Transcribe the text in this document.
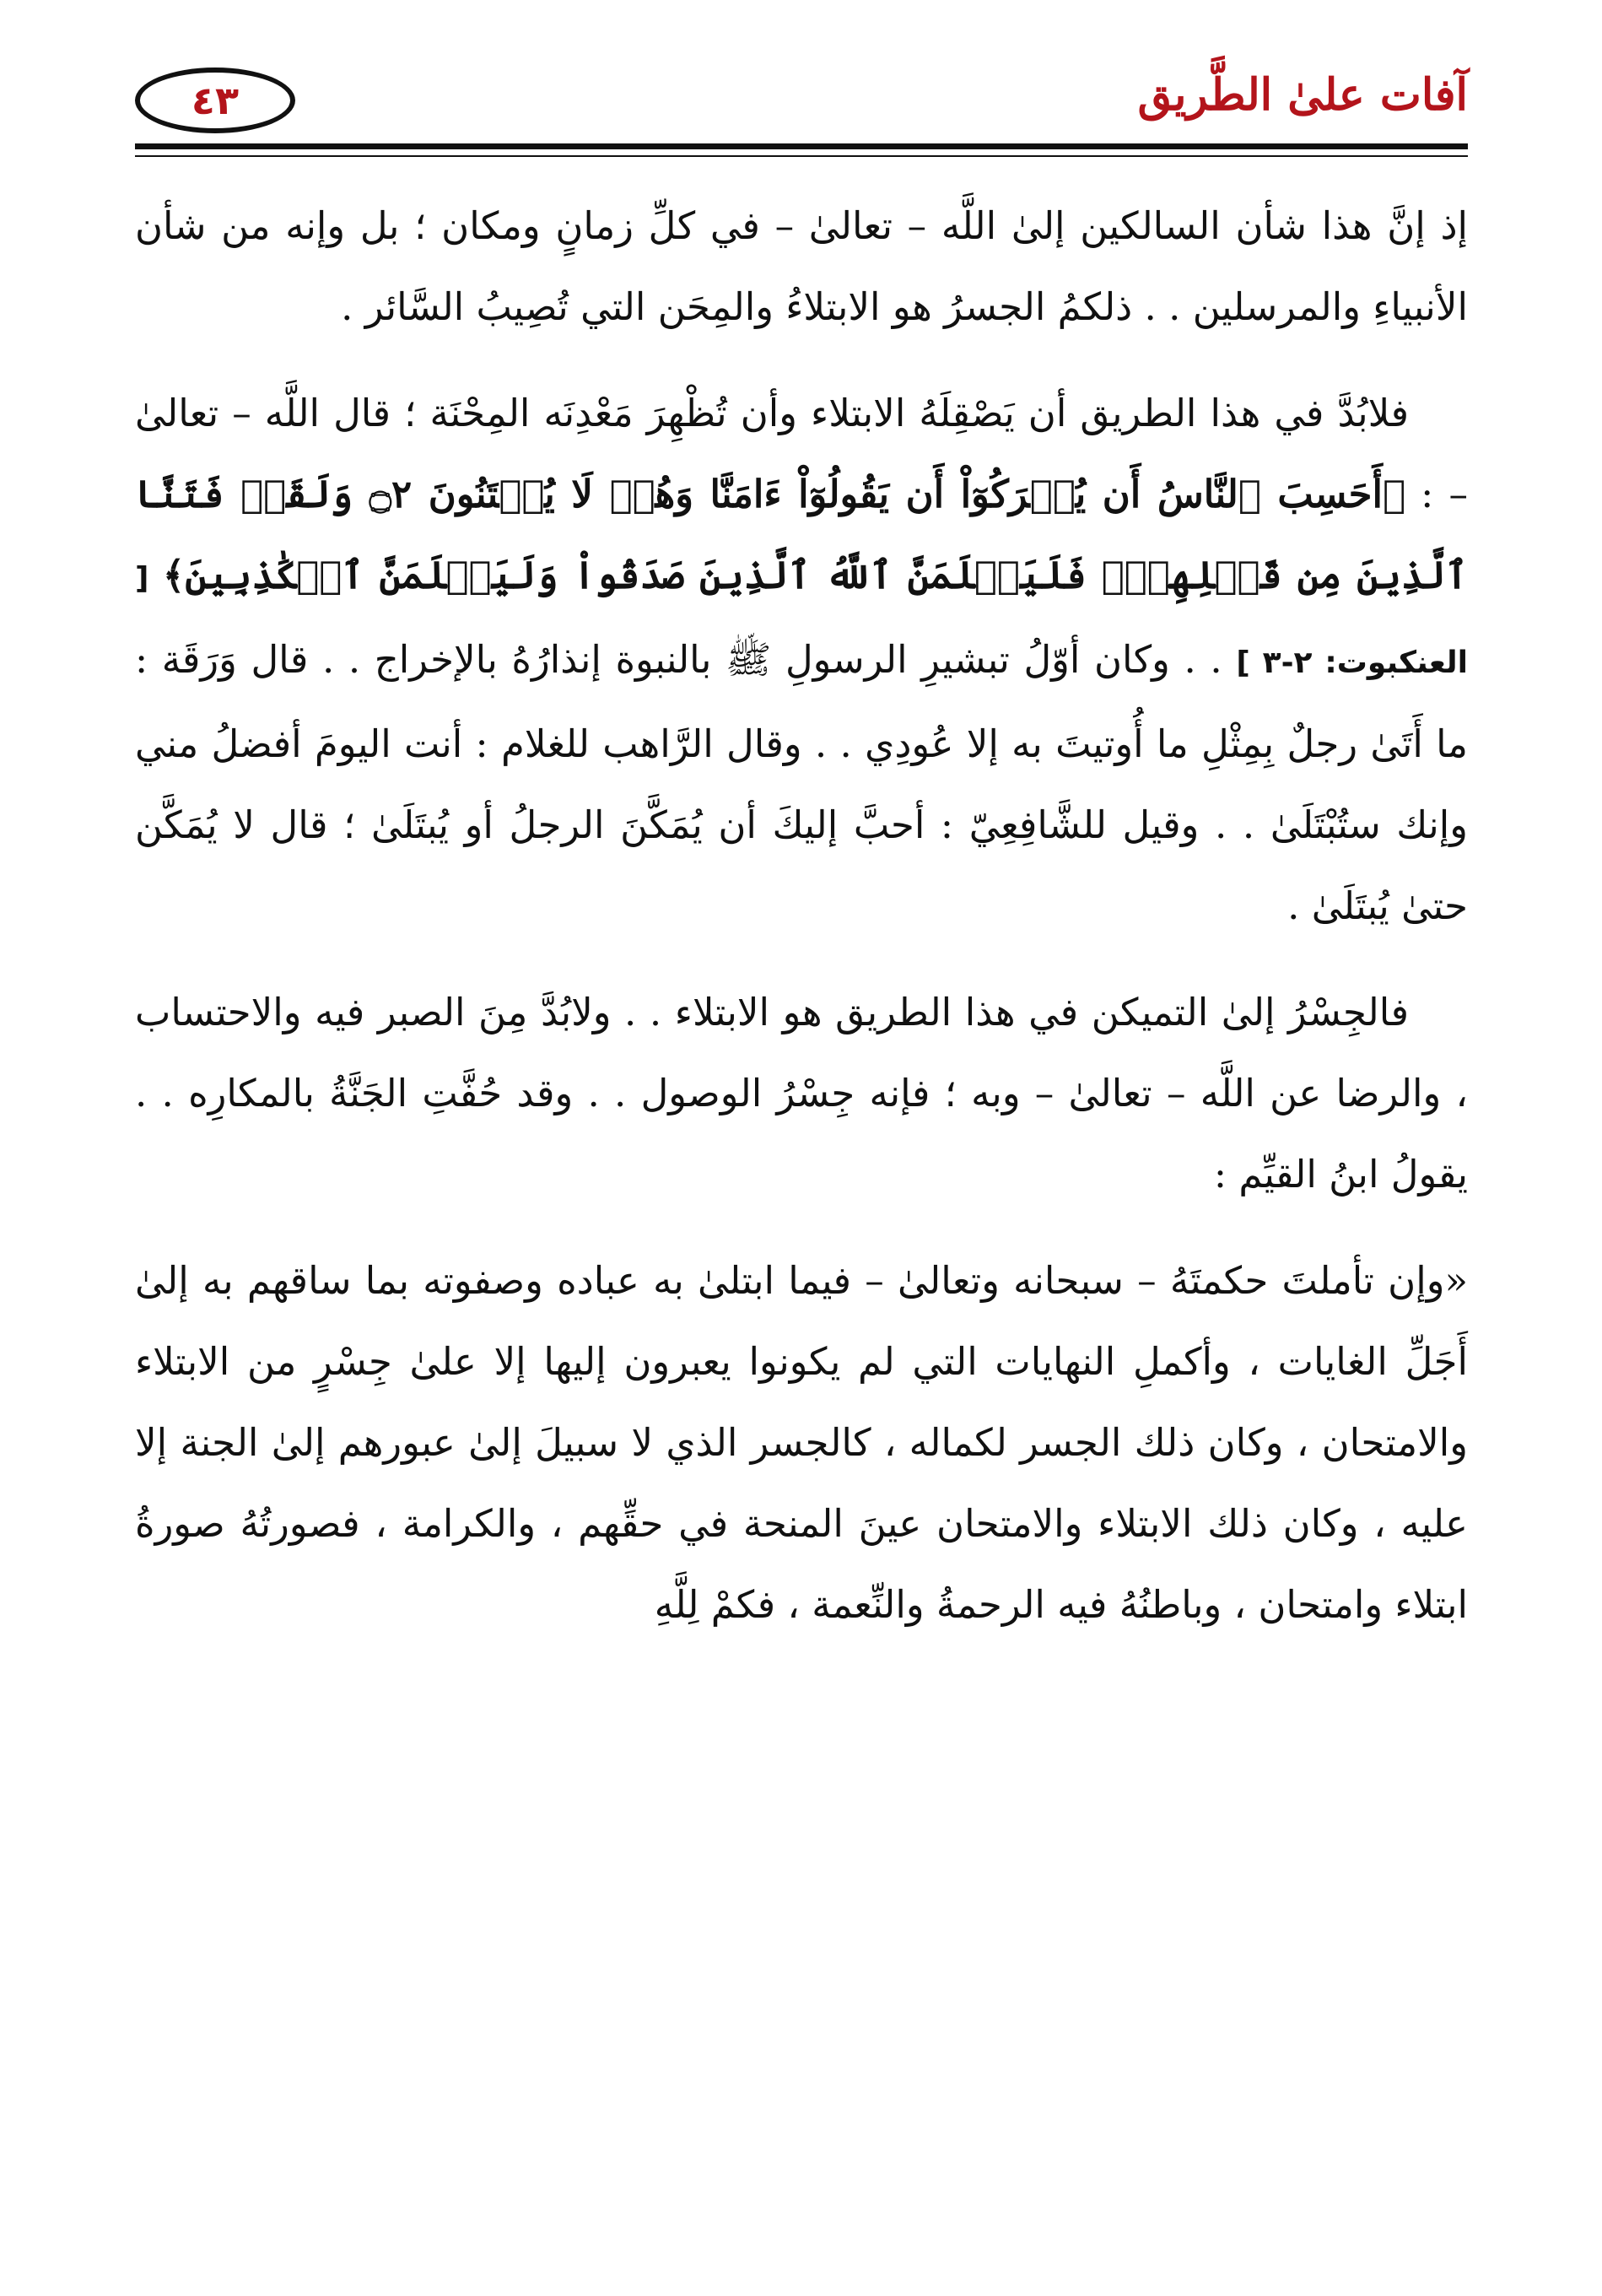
٤٣	آفات علىٰ الطَّريق

إذ إنَّ هذا شأن السالكين إلىٰ اللَّه – تعالىٰ – في كلِّ زمانٍ ومكان ؛ بل وإنه من شأن الأنبياءِ والمرسلين . . ذلكمُ الجسرُ هو الابتلاءُ والمِحَن التي تُصِيبُ السَّائر .

فلابُدَّ في هذا الطريق أن يَصْقِلَهُ الابتلاء وأن تُظْهِرَ مَعْدِنَه المِحْنَة ؛ قال اللَّه – تعالىٰ – : ﴿أَحَسِبَ ٱلنَّاسُ أَن يُتۡرَكُوٓاْ أَن يَقُولُوٓاْ ءَامَنَّا وَهُمۡ لَا يُفۡتَنُونَ ۝٢ وَلَقَدۡ فَتَنَّا ٱلَّذِينَ مِن قَبۡلِهِمۡۖ فَلَيَعۡلَمَنَّ ٱللَّهُ ٱلَّذِينَ صَدَقُواْ وَلَيَعۡلَمَنَّ ٱلۡكَٰذِبِينَ﴾ [ العنكبوت: ٢-٣ ] . . وكان أوّلُ تبشيرِ الرسولِ ﷺ بالنبوة إنذارُهُ بالإخراج . . قال وَرَقَة : ما أَتَىٰ رجلٌ بِمِثْلِ ما أُوتيتَ به إلا عُودِي . . وقال الرَّاهب للغلام : أنت اليومَ أفضلُ مني وإنك ستُبْتَلَىٰ . . وقيل للشَّافِعِيّ : أحبَّ إليكَ أن يُمَكَّنَ الرجلُ أو يُبتَلَىٰ ؛ قال لا يُمَكَّن حتىٰ يُبتَلَىٰ .

فالجِسْرُ إلىٰ التميكن في هذا الطريق هو الابتلاء . . ولابُدَّ مِنَ الصبر فيه والاحتساب ، والرضا عن اللَّه – تعالىٰ – وبه ؛ فإنه جِسْرُ الوصول . . وقد حُفَّتِ الجَنَّةُ بالمكارِه . . يقولُ ابنُ القيِّم :

«وإن تأملتَ حكمتَهُ – سبحانه وتعالىٰ – فيما ابتلىٰ به عباده وصفوته بما ساقهم به إلىٰ أَجَلِّ الغايات ، وأكملِ النهايات التي لم يكونوا يعبرون إليها إلا علىٰ جِسْرٍ من الابتلاء والامتحان ، وكان ذلك الجسر لكماله ، كالجسر الذي لا سبيلَ إلىٰ عبورهم إلىٰ الجنة إلا عليه ، وكان ذلك الابتلاء والامتحان عينَ المنحة في حقِّهم ، والكرامة ، فصورتُهُ صورةُ ابتلاء وامتحان ، وباطنُهُ فيه الرحمةُ والنِّعمة ، فكمْ لِلَّهِ
